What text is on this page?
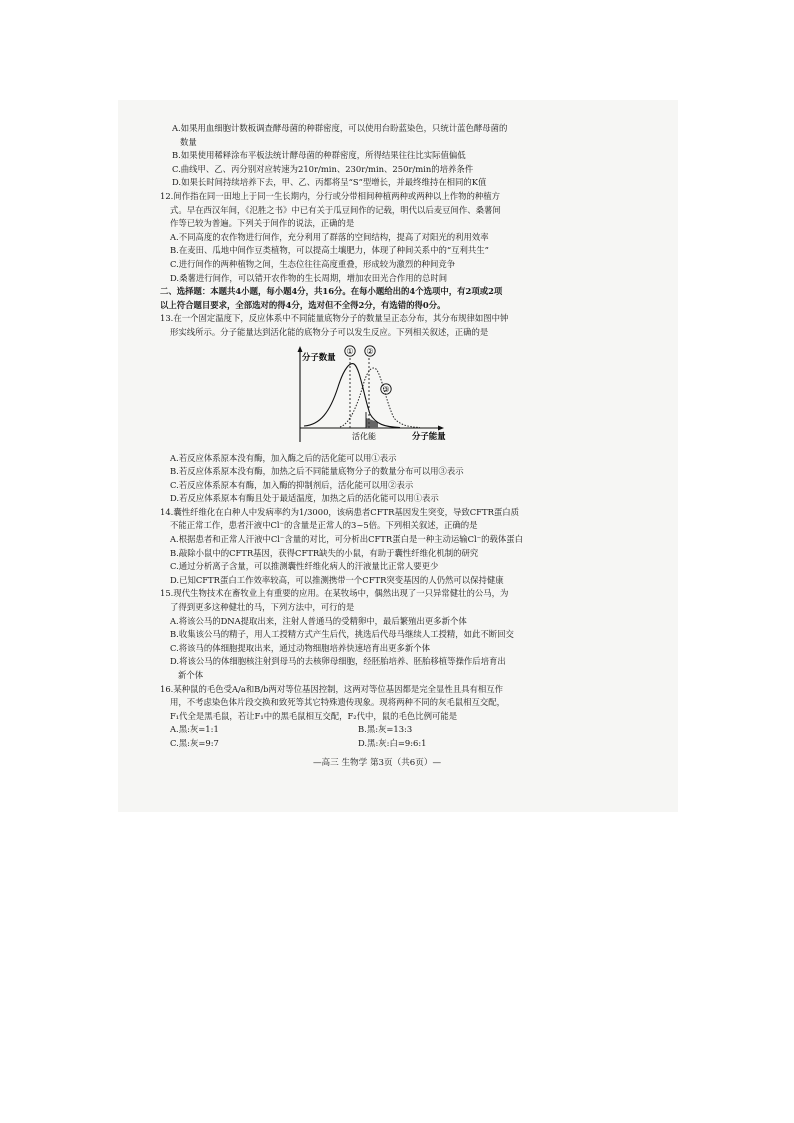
A.如果用血细胞计数板调查酵母菌的种群密度，可以使用台盼蓝染色，只统计蓝色酵母菌的
数量
B.如果使用稀释涂布平板法统计酵母菌的种群密度，所得结果往往比实际值偏低
C.曲线甲、乙、丙分别对应转速为210r/min、230r/min、250r/min的培养条件
D.如果长时间持续培养下去，甲、乙、丙都将呈“S”型增长，并最终维持在相同的K值
12.间作指在同一田地上于同一生长期内，分行或分带相间种植两种或两种以上作物的种植方
式。早在西汉年间，《氾胜之书》中已有关于瓜豆间作的记载，明代以后麦豆间作、桑薯间
作等已较为普遍。下列关于间作的说法，正确的是
A.不同高度的农作物进行间作，充分利用了群落的空间结构，提高了对阳光的利用效率
B.在麦田、瓜地中间作豆类植物，可以提高土壤肥力，体现了种间关系中的“互利共生”
C.进行间作的两种植物之间，生态位往往高度重叠，形成较为激烈的种间竞争
D.桑薯进行间作，可以错开农作物的生长周期，增加农田光合作用的总时间
二、选择题：本题共4小题，每小题4分，共16分。在每小题给出的4个选项中，有2项或2项
以上符合题目要求，全部选对的得4分，选对但不全得2分，有选错的得0分。
13.在一个固定温度下，反应体系中不同能量底物分子的数量呈正态分布，其分布规律如图中钟
形实线所示。分子能量达到活化能的底物分子可以发生反应。下列相关叙述，正确的是
分子数量
分子能量
① ②
③
活化能
A.若反应体系原本没有酶，加入酶之后的活化能可以用①表示
B.若反应体系原本没有酶，加热之后不同能量底物分子的数量分布可以用③表示
C.若反应体系原本有酶，加入酶的抑制剂后，活化能可以用②表示
D.若反应体系原本有酶且处于最适温度，加热之后的活化能可以用①表示
14.囊性纤维化在白种人中发病率约为1/3000，该病患者CFTR基因发生突变，导致CFTR蛋白质
不能正常工作，患者汗液中Cl⁻的含量是正常人的3~5倍。下列相关叙述，正确的是
A.根据患者和正常人汗液中Cl⁻含量的对比，可分析出CFTR蛋白是一种主动运输Cl⁻的载体蛋白
B.敲除小鼠中的CFTR基因，获得CFTR缺失的小鼠，有助于囊性纤维化机制的研究
C.通过分析离子含量，可以推测囊性纤维化病人的汗液量比正常人要更少
D.已知CFTR蛋白工作效率较高，可以推测携带一个CFTR突变基因的人仍然可以保持健康
15.现代生物技术在畜牧业上有重要的应用。在某牧场中，偶然出现了一只异常健壮的公马，为
了得到更多这种健壮的马，下列方法中，可行的是
A.将该公马的DNA提取出来，注射人普通马的受精卵中，最后繁殖出更多新个体
B.收集该公马的精子，用人工授精方式产生后代，挑选后代母马继续人工授精，如此不断回交
C.将该马的体细胞提取出来，通过动物细胞培养快速培育出更多新个体
D.将该公马的体细胞核注射到母马的去核卵母细胞，经胚胎培养、胚胎移植等操作后培育出
新个体
16.某种鼠的毛色受A/a和B/b两对等位基因控制，这两对等位基因都是完全显性且具有相互作
用，不考虑染色体片段交换和致死等其它特殊遗传现象。现将两种不同的灰毛鼠相互交配，
F₁代全是黑毛鼠，若让F₁中的黑毛鼠相互交配，F₂代中，鼠的毛色比例可能是
A.黑:灰=1:1	B.黑:灰=13:3
C.黑:灰=9:7	D.黑:灰:白=9:6:1
—高三 生物学 第3页（共6页）—
